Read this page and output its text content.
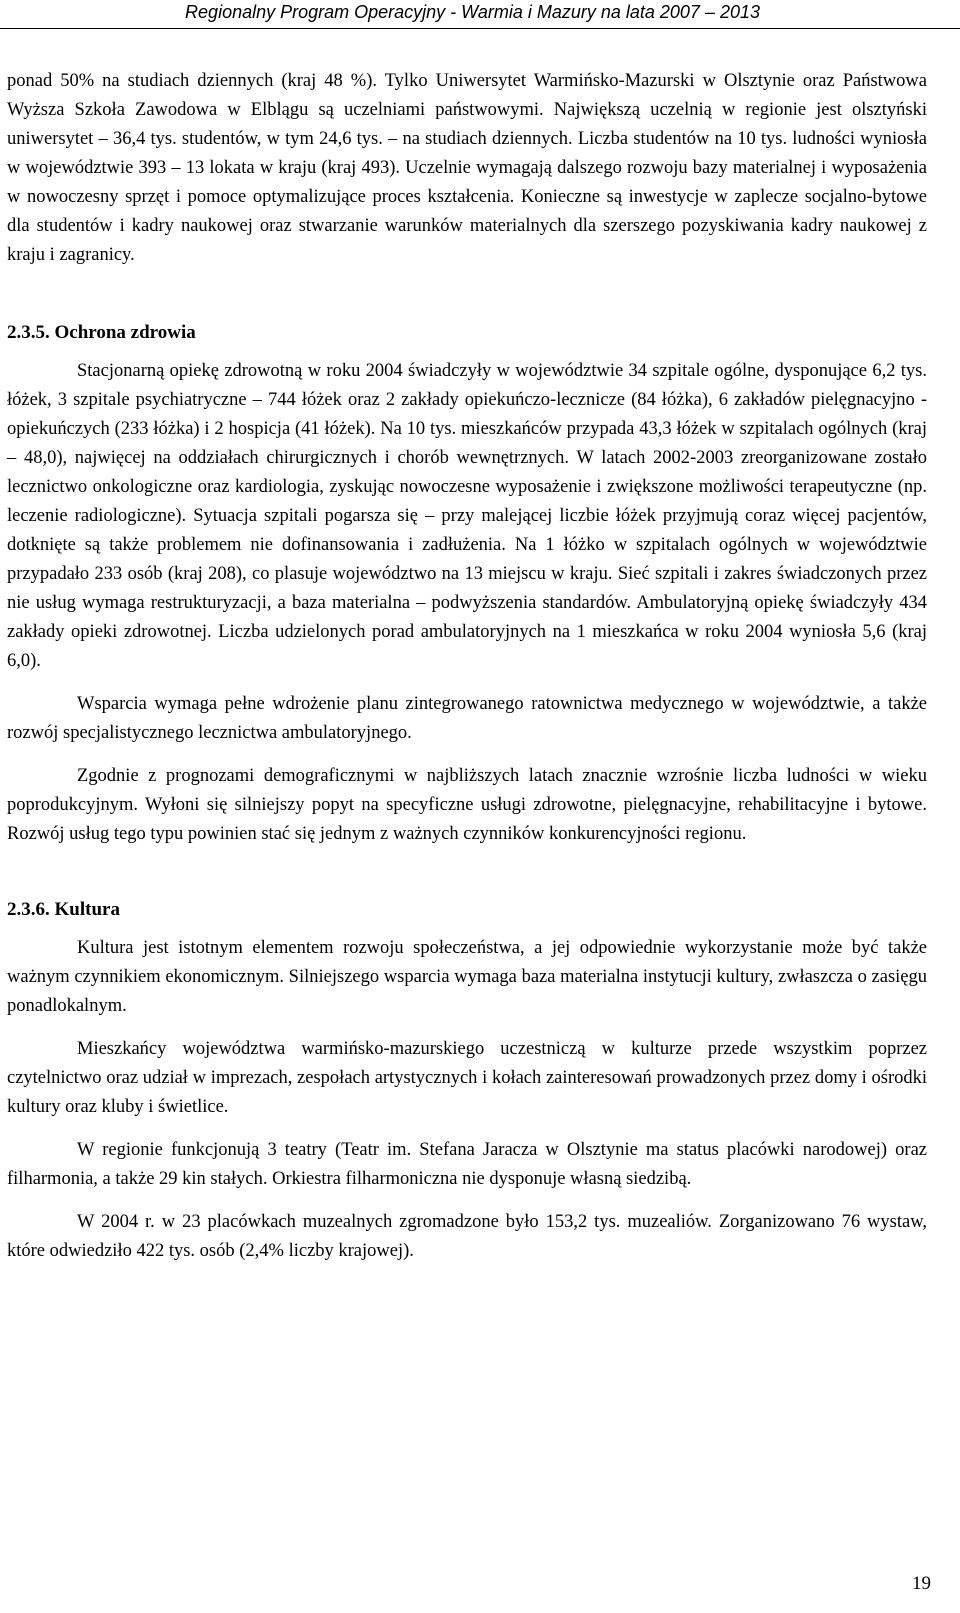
Regionalny Program Operacyjny - Warmia i Mazury na lata 2007 – 2013

ponad 50% na studiach dziennych (kraj 48 %). Tylko Uniwersytet Warmińsko-Mazurski w Olsztynie oraz Państwowa Wyższa Szkoła Zawodowa w Elblągu są uczelniami państwowymi. Największą uczelnią w regionie jest olsztyński uniwersytet – 36,4 tys. studentów, w tym 24,6 tys. – na studiach dziennych. Liczba studentów na 10 tys. ludności wyniosła w województwie 393 – 13 lokata w kraju (kraj 493). Uczelnie wymagają dalszego rozwoju bazy materialnej i wyposażenia w nowoczesny sprzęt i pomoce optymalizujące proces kształcenia. Konieczne są inwestycje w zaplecze socjalno-bytowe dla studentów i kadry naukowej oraz stwarzanie warunków materialnych dla szerszego pozyskiwania kadry naukowej z kraju i zagranicy.

2.3.5. Ochrona zdrowia

Stacjonarną opiekę zdrowotną w roku 2004 świadczyły w województwie 34 szpitale ogólne, dysponujące 6,2 tys. łóżek, 3 szpitale psychiatryczne – 744 łóżek oraz 2 zakłady opiekuńczo-lecznicze (84 łóżka), 6 zakładów pielęgnacyjno - opiekuńczych (233 łóżka) i 2 hospicja (41 łóżek). Na 10 tys. mieszkańców przypada 43,3 łóżek w szpitalach ogólnych (kraj – 48,0), najwięcej na oddziałach chirurgicznych i chorób wewnętrznych. W latach 2002-2003 zreorganizowane zostało lecznictwo onkologiczne oraz kardiologia, zyskując nowoczesne wyposażenie i zwiększone możliwości terapeutyczne (np. leczenie radiologiczne). Sytuacja szpitali pogarsza się – przy malejącej liczbie łóżek przyjmują coraz więcej pacjentów, dotknięte są także problemem nie dofinansowania i zadłużenia. Na 1 łóżko w szpitalach ogólnych w województwie przypadało 233 osób (kraj 208), co plasuje województwo na 13 miejscu w kraju. Sieć szpitali i zakres świadczonych przez nie usług wymaga restrukturyzacji, a baza materialna – podwyższenia standardów. Ambulatoryjną opiekę świadczyły 434 zakłady opieki zdrowotnej. Liczba udzielonych porad ambulatoryjnych na 1 mieszkańca w roku 2004 wyniosła 5,6 (kraj 6,0).

Wsparcia wymaga pełne wdrożenie planu zintegrowanego ratownictwa medycznego w województwie, a także rozwój specjalistycznego lecznictwa ambulatoryjnego.

Zgodnie z prognozami demograficznymi w najbliższych latach znacznie wzrośnie liczba ludności w wieku poprodukcyjnym. Wyłoni się silniejszy popyt na specyficzne usługi zdrowotne, pielęgnacyjne, rehabilitacyjne i bytowe. Rozwój usług tego typu powinien stać się jednym z ważnych czynników konkurencyjności regionu.

2.3.6. Kultura

Kultura jest istotnym elementem rozwoju społeczeństwa, a jej odpowiednie wykorzystanie może być także ważnym czynnikiem ekonomicznym. Silniejszego wsparcia wymaga baza materialna instytucji kultury, zwłaszcza o zasięgu ponadlokalnym.

Mieszkańcy województwa warmińsko-mazurskiego uczestniczą w kulturze przede wszystkim poprzez czytelnictwo oraz udział w imprezach, zespołach artystycznych i kołach zainteresowań prowadzonych przez domy i ośrodki kultury oraz kluby i świetlice.

W regionie funkcjonują 3 teatry (Teatr im. Stefana Jaracza w Olsztynie ma status placówki narodowej) oraz filharmonia, a także 29 kin stałych. Orkiestra filharmoniczna nie dysponuje własną siedzibą.

W 2004 r. w 23 placówkach muzealnych zgromadzone było 153,2 tys. muzealiów. Zorganizowano 76 wystaw, które odwiedziło 422 tys. osób (2,4% liczby krajowej).

19
